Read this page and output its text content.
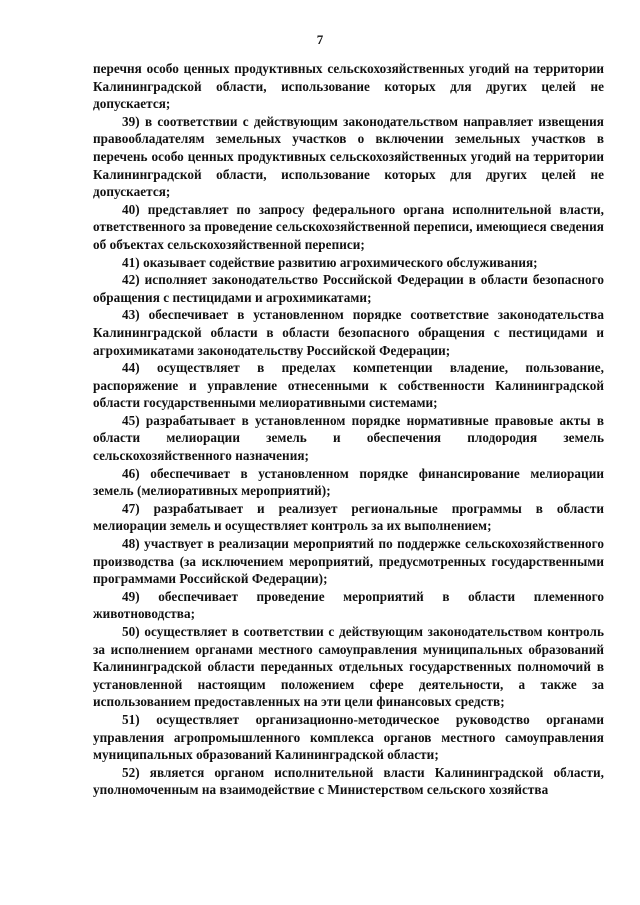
7

перечня особо ценных продуктивных сельскохозяйственных угодий на территории Калининградской области, использование которых для других целей не допускается;

39) в соответствии с действующим законодательством направляет извещения правообладателям земельных участков о включении земельных участков в перечень особо ценных продуктивных сельскохозяйственных угодий на территории Калининградской области, использование которых для других целей не допускается;

40) представляет по запросу федерального органа исполнительной власти, ответственного за проведение сельскохозяйственной переписи, имеющиеся сведения об объектах сельскохозяйственной переписи;

41) оказывает содействие развитию агрохимического обслуживания;

42) исполняет законодательство Российской Федерации в области безопасного обращения с пестицидами и агрохимикатами;

43) обеспечивает в установленном порядке соответствие законодательства Калининградской области в области безопасного обращения с пестицидами и агрохимикатами законодательству Российской Федерации;

44) осуществляет в пределах компетенции владение, пользование, распоряжение и управление отнесенными к собственности Калининградской области государственными мелиоративными системами;

45) разрабатывает в установленном порядке нормативные правовые акты в области мелиорации земель и обеспечения плодородия земель сельскохозяйственного назначения;

46) обеспечивает в установленном порядке финансирование мелиорации земель (мелиоративных мероприятий);

47) разрабатывает и реализует региональные программы в области мелиорации земель и осуществляет контроль за их выполнением;

48) участвует в реализации мероприятий по поддержке сельскохозяйственного производства (за исключением мероприятий, предусмотренных государственными программами Российской Федерации);

49) обеспечивает проведение мероприятий в области племенного животноводства;

50) осуществляет в соответствии с действующим законодательством контроль за исполнением органами местного самоуправления муниципальных образований Калининградской области переданных отдельных государственных полномочий в установленной настоящим положением сфере деятельности, а также за использованием предоставленных на эти цели финансовых средств;

51) осуществляет организационно-методическое руководство органами управления агропромышленного комплекса органов местного самоуправления муниципальных образований Калининградской области;

52) является органом исполнительной власти Калининградской области, уполномоченным на взаимодействие с Министерством сельского хозяйства
